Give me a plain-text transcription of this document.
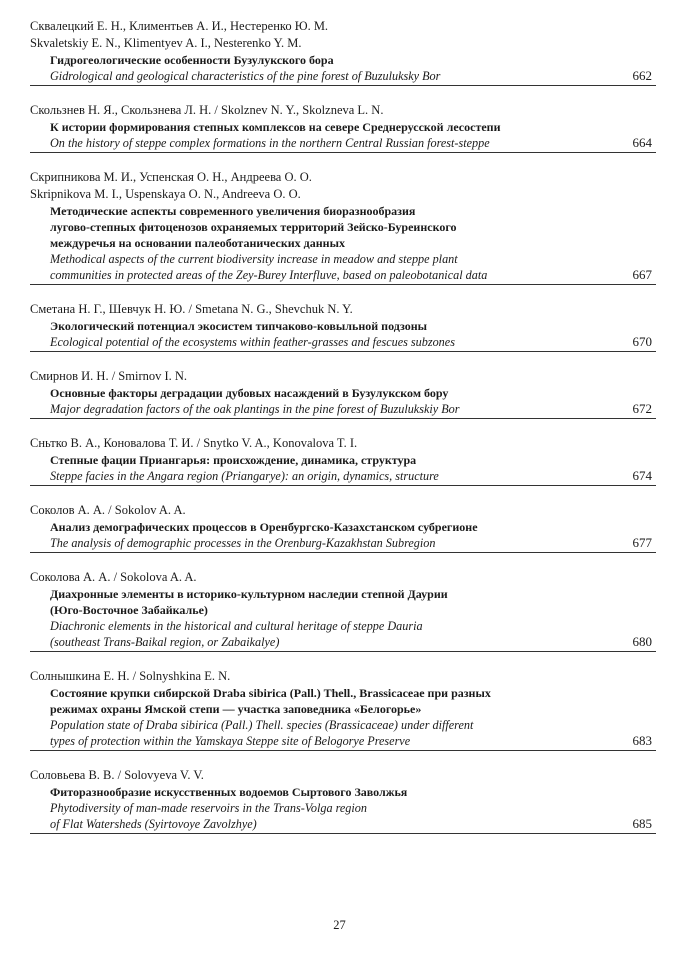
Сквалецкий Е. Н., Климентьев А. И., Нестеренко Ю. М.
Skvaletskiy E. N., Klimentyev A. I., Nesterenko Y. M.
Гидрогеологические особенности Бузулукского бора
Gidrological and geological characteristics of the pine forest of Buzuluksky Bor	662
Скользнев Н. Я., Скользнева Л. Н. / Skolznev N. Y., Skolzneva L. N.
К истории формирования степных комплексов на севере Среднерусской лесостепи
On the history of steppe complex formations in the northern Central Russian forest-steppe	664
Скрипникова М. И., Успенская О. Н., Андреева О. О.
Skripnikova M. I., Uspenskaya O. N., Andreeva O. O.
Методические аспекты современного увеличения биоразнообразия
лугово-степных фитоценозов охраняемых территорий Зейско-Буреинского
междуречья на основании палеоботанических данных
Methodical aspects of the current biodiversity increase in meadow and steppe plant
communities in protected areas of the Zey-Burey Interfluve, based on paleobotanical data	667
Сметана Н. Г., Шевчук Н. Ю. / Smetana N. G., Shevchuk N. Y.
Экологический потенциал экосистем типчаково-ковыльной подзоны
Ecological potential of the ecosystems within feather-grasses and fescues subzones	670
Смирнов И. Н. / Smirnov I. N.
Основные факторы деградации дубовых насаждений в Бузулукском бору
Major degradation factors of the oak plantings in the pine forest of Buzulukskiy Bor	672
Сньтко В. А., Коновалова Т. И. / Snytko V. A., Konovalova T. I.
Степные фации Приангарья: происхождение, динамика, структура
Steppe facies in the Angara region (Priangarye): an origin, dynamics, structure	674
Соколов А. А. / Sokolov A. A.
Анализ демографических процессов в Оренбургско-Казахстанском субрегионе
The analysis of demographic processes in the Orenburg-Kazakhstan Subregion	677
Соколова А. А. / Sokolova A. A.
Диахронные элементы в историко-культурном наследии степной Даурии
(Юго-Восточное Забайкалье)
Diachronic elements in the historical and cultural heritage of steppe Dauria
(southeast Trans-Baikal region, or Zabaikalye)	680
Солнышкина Е. Н. / Solnyshkina E. N.
Состояние крупки сибирской Draba sibirica (Pall.) Thell., Brassicaceae при разных
режимах охраны Ямской степи — участка заповедника «Белогорье»
Population state of Draba sibirica (Pall.) Thell. species (Brassicaceae) under different
types of protection within the Yamskaya Steppe site of Belogorye Preserve	683
Соловьева В. В. / Solovyeva V. V.
Фиторазнообразие искусственных водоемов Сыртового Заволжья
Phytodiversity of man-made reservoirs in the Trans-Volga region
of Flat Watersheds (Syirtovoye Zavolzhye)	685
27
